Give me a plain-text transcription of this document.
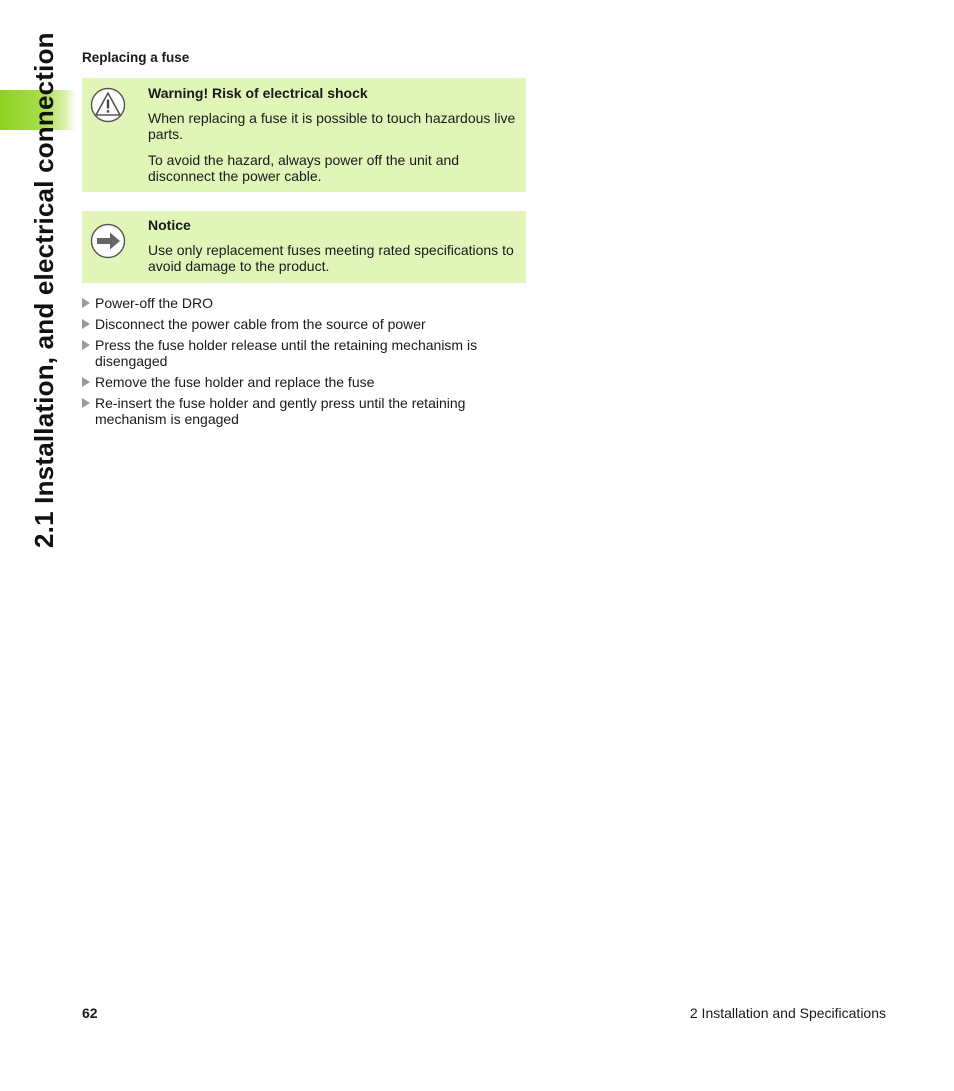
2.1 Installation, and electrical connection	Replacing a fuse

Warning! Risk of electrical shock

When replacing a fuse it is possible to touch hazardous live parts.

To avoid the hazard, always power off the unit and disconnect the power cable.

Notice

Use only replacement fuses meeting rated specifications to avoid damage to the product.

Power-off the DRO
Disconnect the power cable from the source of power
Press the fuse holder release until the retaining mechanism is disengaged
Remove the fuse holder and replace the fuse
Re-insert the fuse holder and gently press until the retaining mechanism is engaged
62	2 Installation and Specifications
